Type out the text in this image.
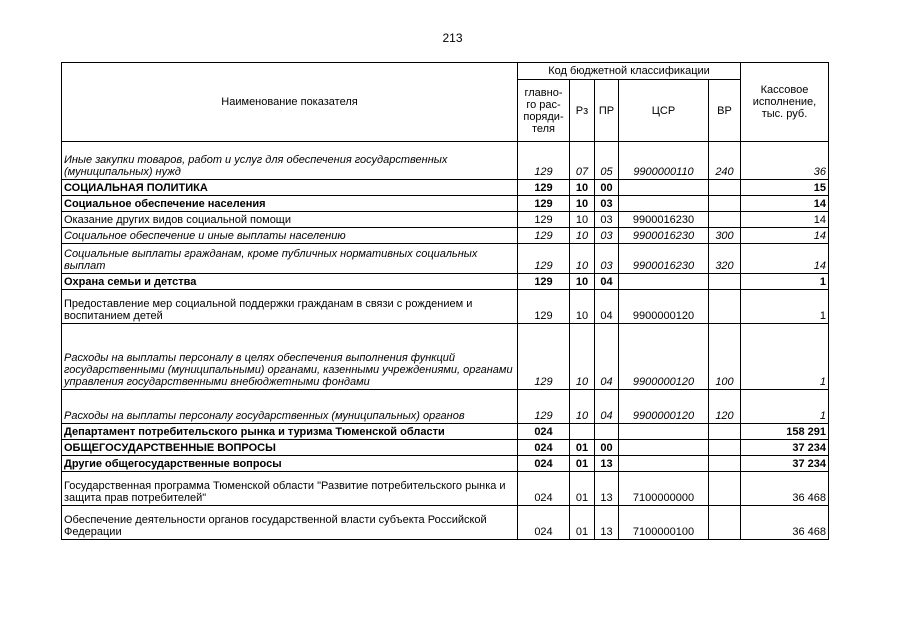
213
Наименование показателя	Код бюджетной классификации					Кассовое исполнение, тыс. руб.
	главно-
го рас-
поряди-
теля	Рз	ПР	ЦСР	ВР	
Иные закупки товаров, работ и услуг для обеспечения государственных (муниципальных) нужд	129	07	05	9900000110	240	36
СОЦИАЛЬНАЯ ПОЛИТИКА	129	10	00			15
Социальное обеспечение населения	129	10	03			14
Оказание других видов социальной помощи	129	10	03	9900016230		14
Социальное обеспечение и иные выплаты населению	129	10	03	9900016230	300	14
Социальные выплаты гражданам, кроме публичных нормативных социальных выплат	129	10	03	9900016230	320	14
Охрана семьи и детства	129	10	04			1
Предоставление мер социальной поддержки гражданам в связи с рождением и воспитанием детей	129	10	04	9900000120		1
Расходы на выплаты персоналу в целях обеспечения выполнения функций государственными (муниципальными) органами, казенными учреждениями, органами управления государственными внебюджетными фондами	129	10	04	9900000120	100	1
Расходы на выплаты персоналу государственных (муниципальных) органов	129	10	04	9900000120	120	1
Департамент потребительского рынка и туризма Тюменской области	024					158 291
ОБЩЕГОСУДАРСТВЕННЫЕ ВОПРОСЫ	024	01	00			37 234
Другие общегосударственные вопросы	024	01	13			37 234
Государственная программа Тюменской области "Развитие потребительского рынка и защита прав потребителей"	024	01	13	7100000000		36 468
Обеспечение деятельности органов государственной власти субъекта Российской Федерации	024	01	13	7100000100		36 468
